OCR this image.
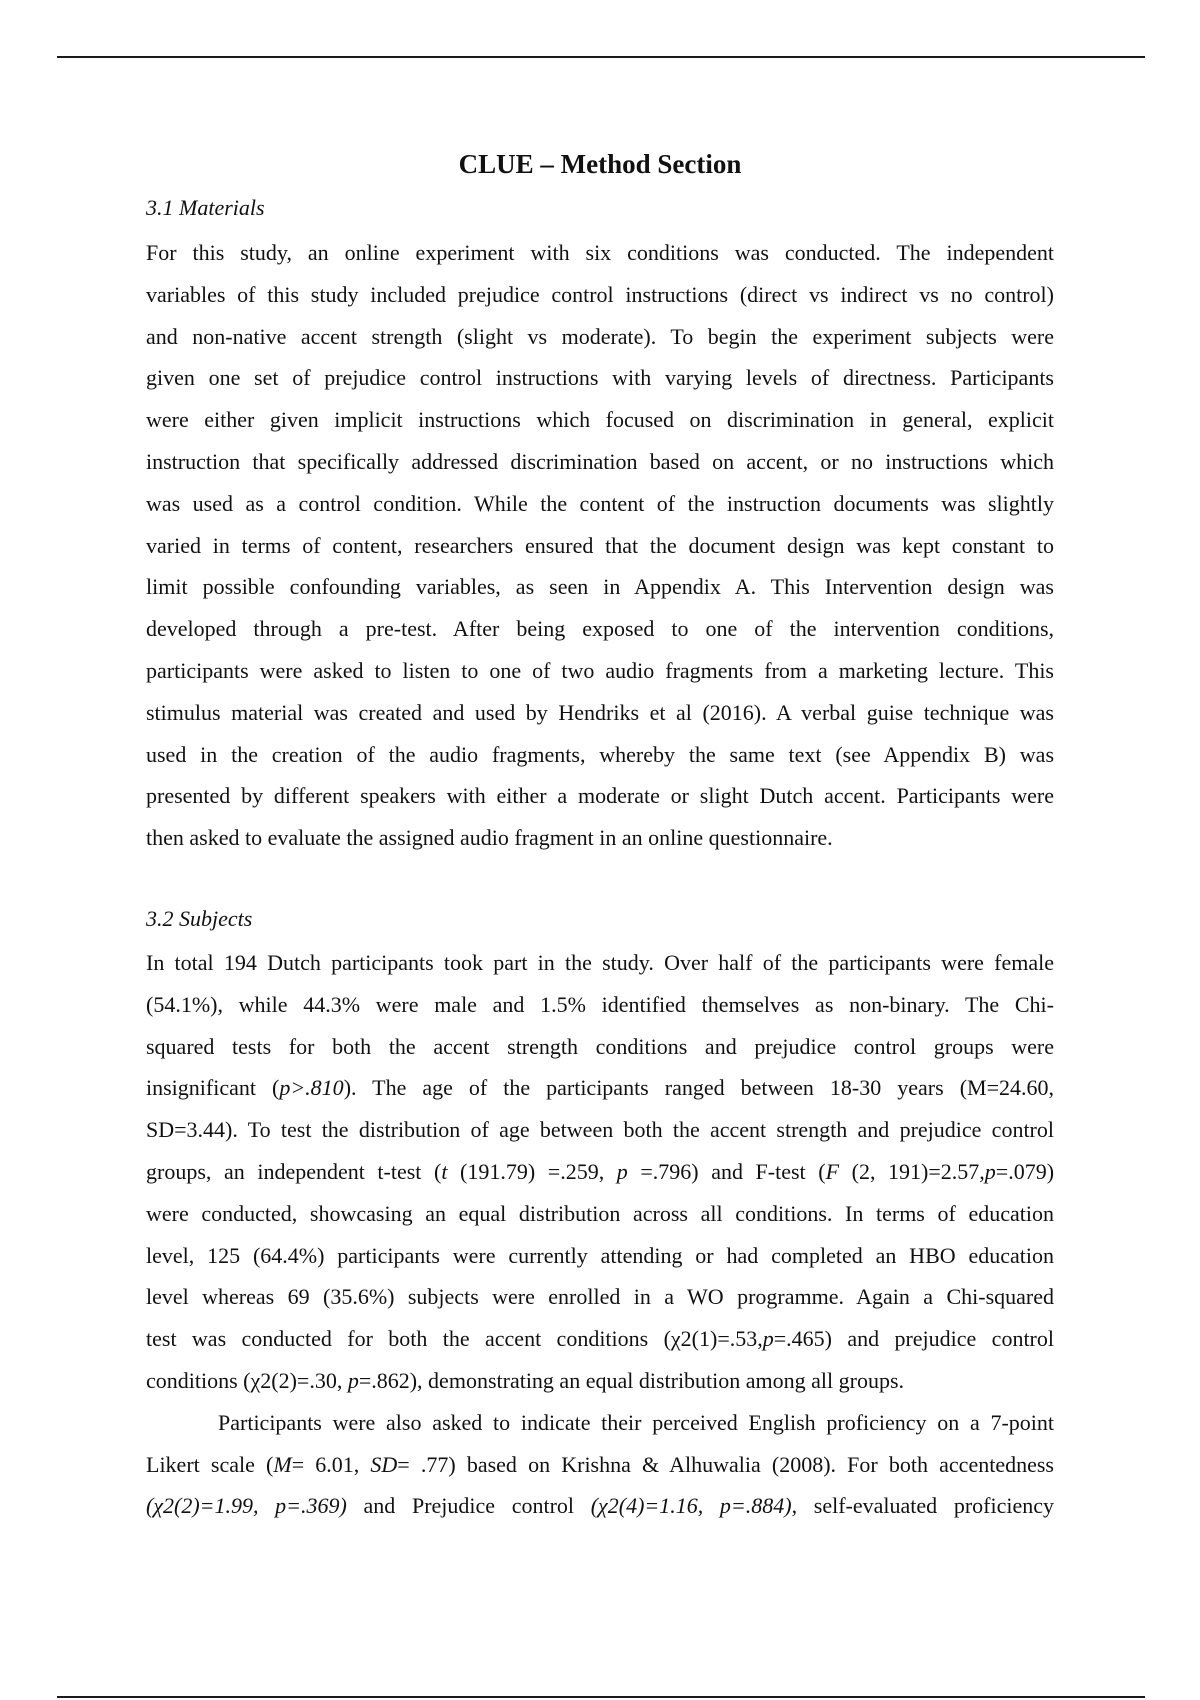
CLUE – Method Section
3.1 Materials
For this study, an online experiment with six conditions was conducted. The independent
variables of this study included prejudice control instructions (direct vs indirect vs no control)
and non-native accent strength (slight vs moderate). To begin the experiment subjects were
given one set of prejudice control instructions with varying levels of directness. Participants
were either given implicit instructions which focused on discrimination in general, explicit
instruction that specifically addressed discrimination based on accent, or no instructions which
was used as a control condition. While the content of the instruction documents was slightly
varied in terms of content, researchers ensured that the document design was kept constant to
limit possible confounding variables, as seen in Appendix A. This Intervention design was
developed through a pre-test. After being exposed to one of the intervention conditions,
participants were asked to listen to one of two audio fragments from a marketing lecture. This
stimulus material was created and used by Hendriks et al (2016). A verbal guise technique was
used in the creation of the audio fragments, whereby the same text (see Appendix B) was
presented by different speakers with either a moderate or slight Dutch accent. Participants were
then asked to evaluate the assigned audio fragment in an online questionnaire.
3.2 Subjects
In total 194 Dutch participants took part in the study. Over half of the participants were female
(54.1%), while 44.3% were male and 1.5% identified themselves as non-binary. The Chi-
squared tests for both the accent strength conditions and prejudice control groups were
insignificant (p>.810). The age of the participants ranged between 18-30 years (M=24.60,
SD=3.44). To test the distribution of age between both the accent strength and prejudice control
groups, an independent t-test (t (191.79) =.259, p =.796) and F-test (F (2, 191)=2.57,p=.079)
were conducted, showcasing an equal distribution across all conditions. In terms of education
level, 125 (64.4%) participants were currently attending or had completed an HBO education
level whereas 69 (35.6%) subjects were enrolled in a WO programme. Again a Chi-squared
test was conducted for both the accent conditions (χ2(1)=.53,p=.465) and prejudice control
conditions (χ2(2)=.30, p=.862), demonstrating an equal distribution among all groups.
Participants were also asked to indicate their perceived English proficiency on a 7-point
Likert scale (M= 6.01, SD= .77) based on Krishna & Alhuwalia (2008). For both accentedness
(χ2(2)=1.99, p=.369) and Prejudice control (χ2(4)=1.16, p=.884), self-evaluated proficiency
